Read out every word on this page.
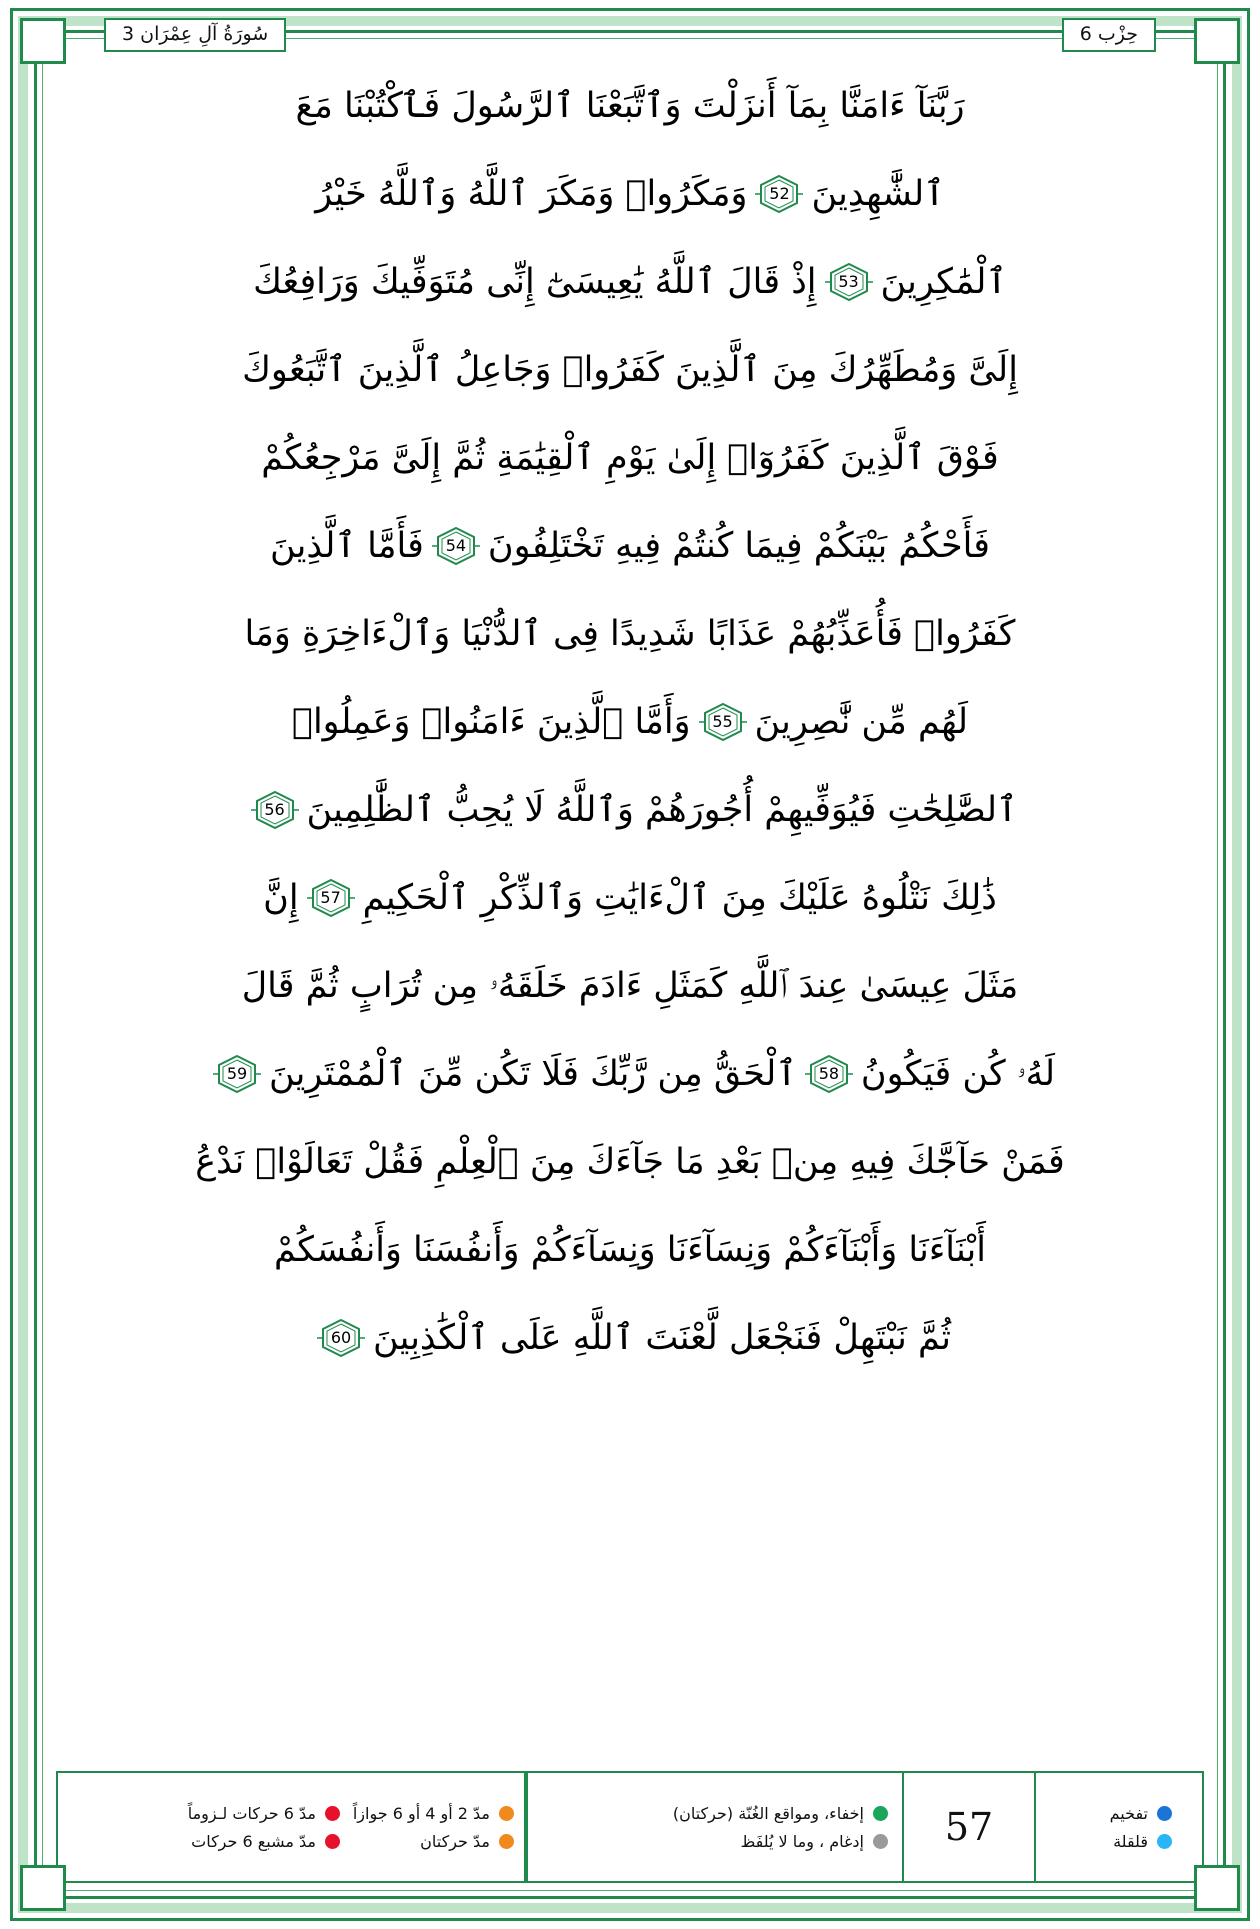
حِزْب 6
سُورَةُ آلِ عِمْرَان 3
رَبَّنَآ ءَامَنَّا بِمَآ أَنزَلْتَ وَٱتَّبَعْنَا ٱلرَّسُولَ فَٱكْتُبْنَا مَعَ
ٱلشَّٰهِدِينَ
52
وَمَكَرُوا۟ وَمَكَرَ ٱللَّهُ وَٱللَّهُ خَيْرُ
ٱلْمَٰكِرِينَ
53
إِذْ قَالَ ٱللَّهُ يَٰعِيسَىٰٓ إِنِّى مُتَوَفِّيكَ وَرَافِعُكَ
إِلَىَّ وَمُطَهِّرُكَ مِنَ ٱلَّذِينَ كَفَرُوا۟ وَجَاعِلُ ٱلَّذِينَ ٱتَّبَعُوكَ
فَوْقَ ٱلَّذِينَ كَفَرُوٓا۟ إِلَىٰ يَوْمِ ٱلْقِيَٰمَةِ ثُمَّ إِلَىَّ مَرْجِعُكُمْ
فَأَحْكُمُ بَيْنَكُمْ فِيمَا كُنتُمْ فِيهِ تَخْتَلِفُونَ
54
فَأَمَّا ٱلَّذِينَ
كَفَرُوا۟ فَأُعَذِّبُهُمْ عَذَابًا شَدِيدًا فِى ٱلدُّنْيَا وَٱلْءَاخِرَةِ وَمَا
لَهُم مِّن نَّٰصِرِينَ
55
وَأَمَّا ٱلَّذِينَ ءَامَنُوا۟ وَعَمِلُوا۟
ٱلصَّٰلِحَٰتِ فَيُوَفِّيهِمْ أُجُورَهُمْ وَٱللَّهُ لَا يُحِبُّ ٱلظَّٰلِمِينَ
56
ذَٰلِكَ نَتْلُوهُ عَلَيْكَ مِنَ ٱلْءَايَٰتِ وَٱلذِّكْرِ ٱلْحَكِيمِ
57
إِنَّ
مَثَلَ عِيسَىٰ عِندَ ٱللَّهِ كَمَثَلِ ءَادَمَ خَلَقَهُۥ مِن تُرَابٍ ثُمَّ قَالَ
لَهُۥ كُن فَيَكُونُ
58
ٱلْحَقُّ مِن رَّبِّكَ فَلَا تَكُن مِّنَ ٱلْمُمْتَرِينَ
59
فَمَنْ حَآجَّكَ فِيهِ مِنۢ بَعْدِ مَا جَآءَكَ مِنَ ٱلْعِلْمِ فَقُلْ تَعَالَوْا۟ نَدْعُ
أَبْنَآءَنَا وَأَبْنَآءَكُمْ وَنِسَآءَنَا وَنِسَآءَكُمْ وَأَنفُسَنَا وَأَنفُسَكُمْ
ثُمَّ نَبْتَهِلْ فَنَجْعَل لَّعْنَتَ ٱللَّهِ عَلَى ٱلْكَٰذِبِينَ
60
تفخيم
قلقلة
57
إخفاء، ومواقع الغُنّة (حركتان)
إدغام ، وما لا يُلفَظ
مدّ 2 أو 4 أو 6 جوازاً
مدّ حركتان
مدّ 6 حركات لـزوماً
مدّ مشبع 6 حركات
